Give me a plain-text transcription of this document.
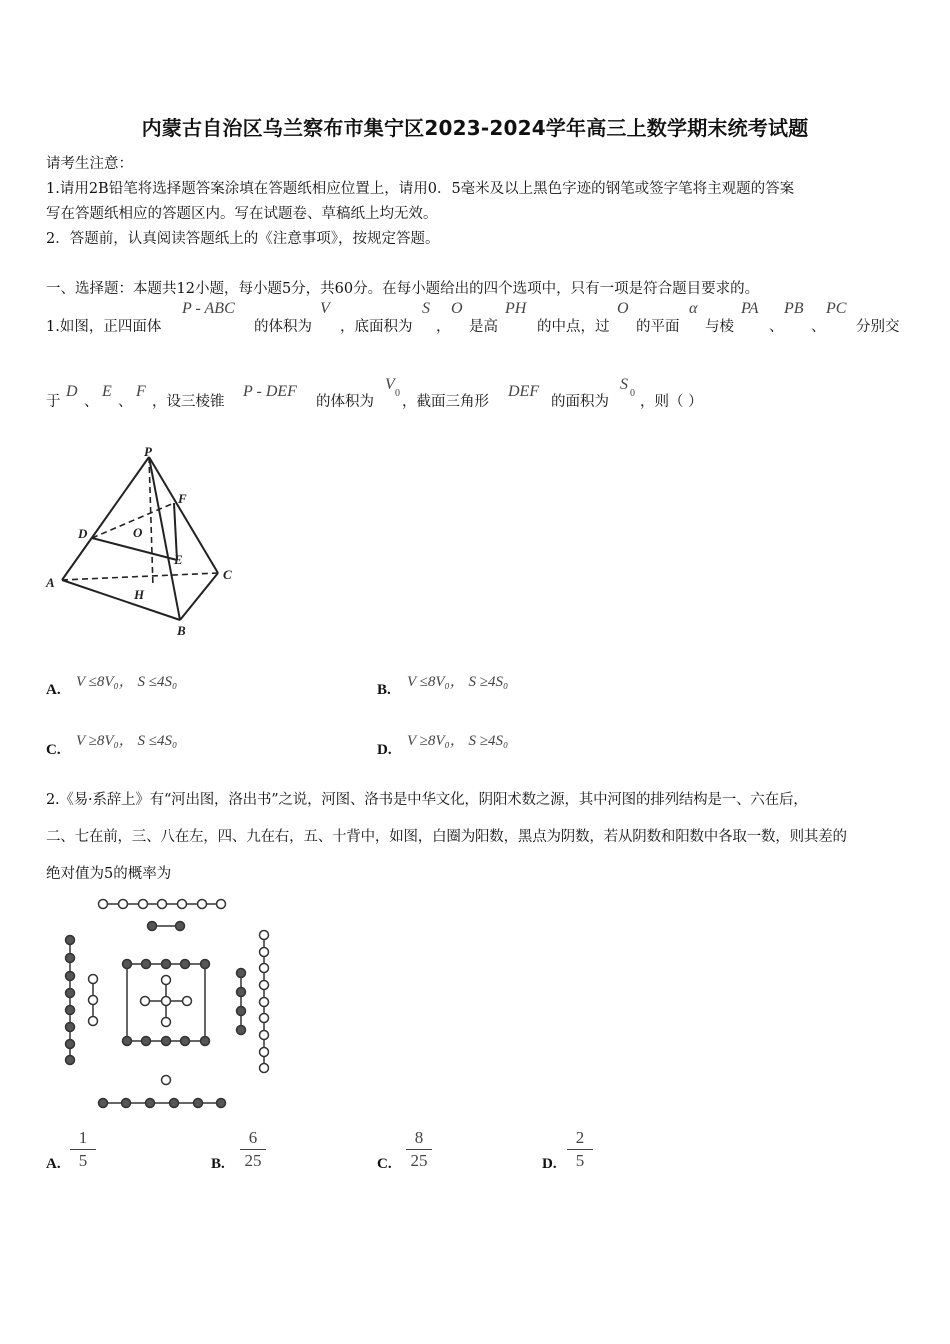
内蒙古自治区乌兰察布市集宁区2023-2024学年高三上数学期末统考试题
请考生注意：
1.请用2B铅笔将选择题答案涂填在答题纸相应位置上，请用0．5毫米及以上黑色字迹的钢笔或签字笔将主观题的答案
写在答题纸相应的答题区内。写在试题卷、草稿纸上均无效。
2．答题前，认真阅读答题纸上的《注意事项》，按规定答题。
一、选择题：本题共12小题，每小题5分，共60分。在每小题给出的四个选项中，只有一项是符合题目要求的。
1.如图，正四面体
P - ABC
的体积为
V
，底面积为
S
，
O
是高
PH
的中点，过
O
的平面
α
与棱
PA
、
PB
、
PC
分别交
于
D
、
E
、
F
，设三棱锥
P - DEF
的体积为
V
0
，截面三角形
DEF
的面积为
S
0
，则（ ）
P
F
D	O
E
A
C
H
B
A. V ≤8V₀， S ≤4S₀	B. V ≤8V₀， S ≥4S₀
C.
V ≥8V₀， S ≤4S₀
D.
V ≥8V₀， S ≥4S₀
2.《易·系辞上》有“河出图，洛出书”之说，河图、洛书是中华文化，阴阳术数之源，其中河图的排列结构是一、六在后，
二、七在前，三、八在左，四、九在右，五、十背中，如图，白圈为阳数，黑点为阴数，若从阴数和阳数中各取一数，则其差的
绝对值为5的概率为
A.
1
5	B.
6
25	C.
8
25	D.
2
5
